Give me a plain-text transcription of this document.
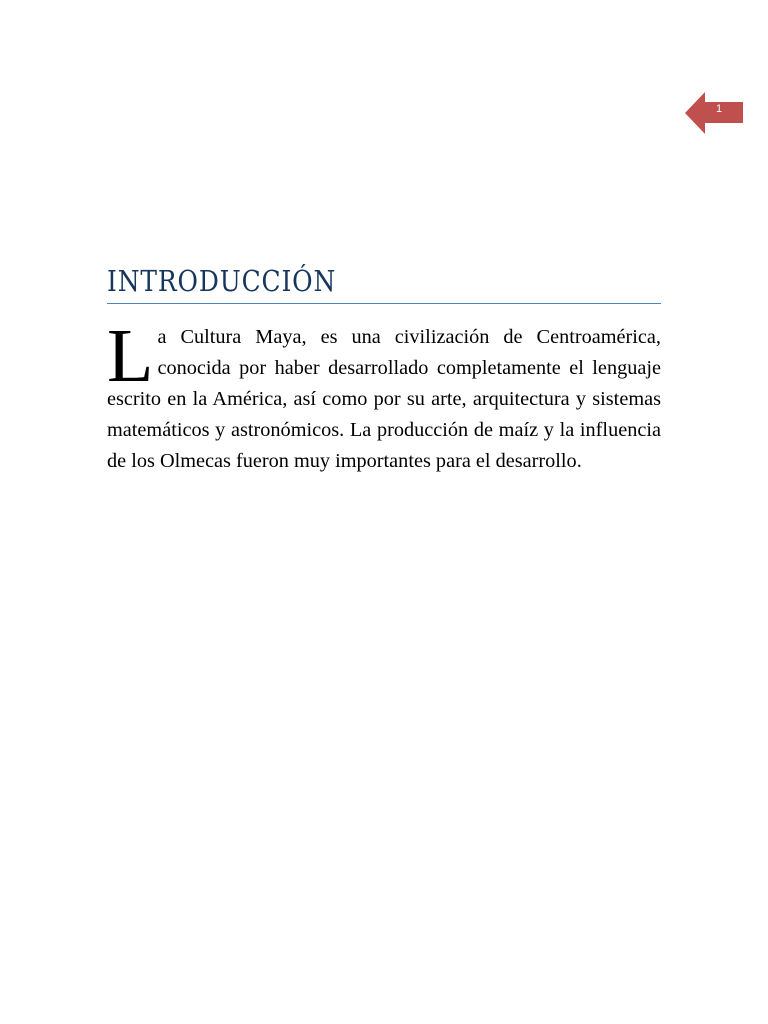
1
INTRODUCCIÓN
La Cultura Maya, es una civilización de Centroamérica, conocida por haber desarrollado completamente el lenguaje escrito en la América, así como por su arte, arquitectura y sistemas matemáticos y astronómicos. La producción de maíz y la influencia de los Olmecas fueron muy importantes para el desarrollo.
